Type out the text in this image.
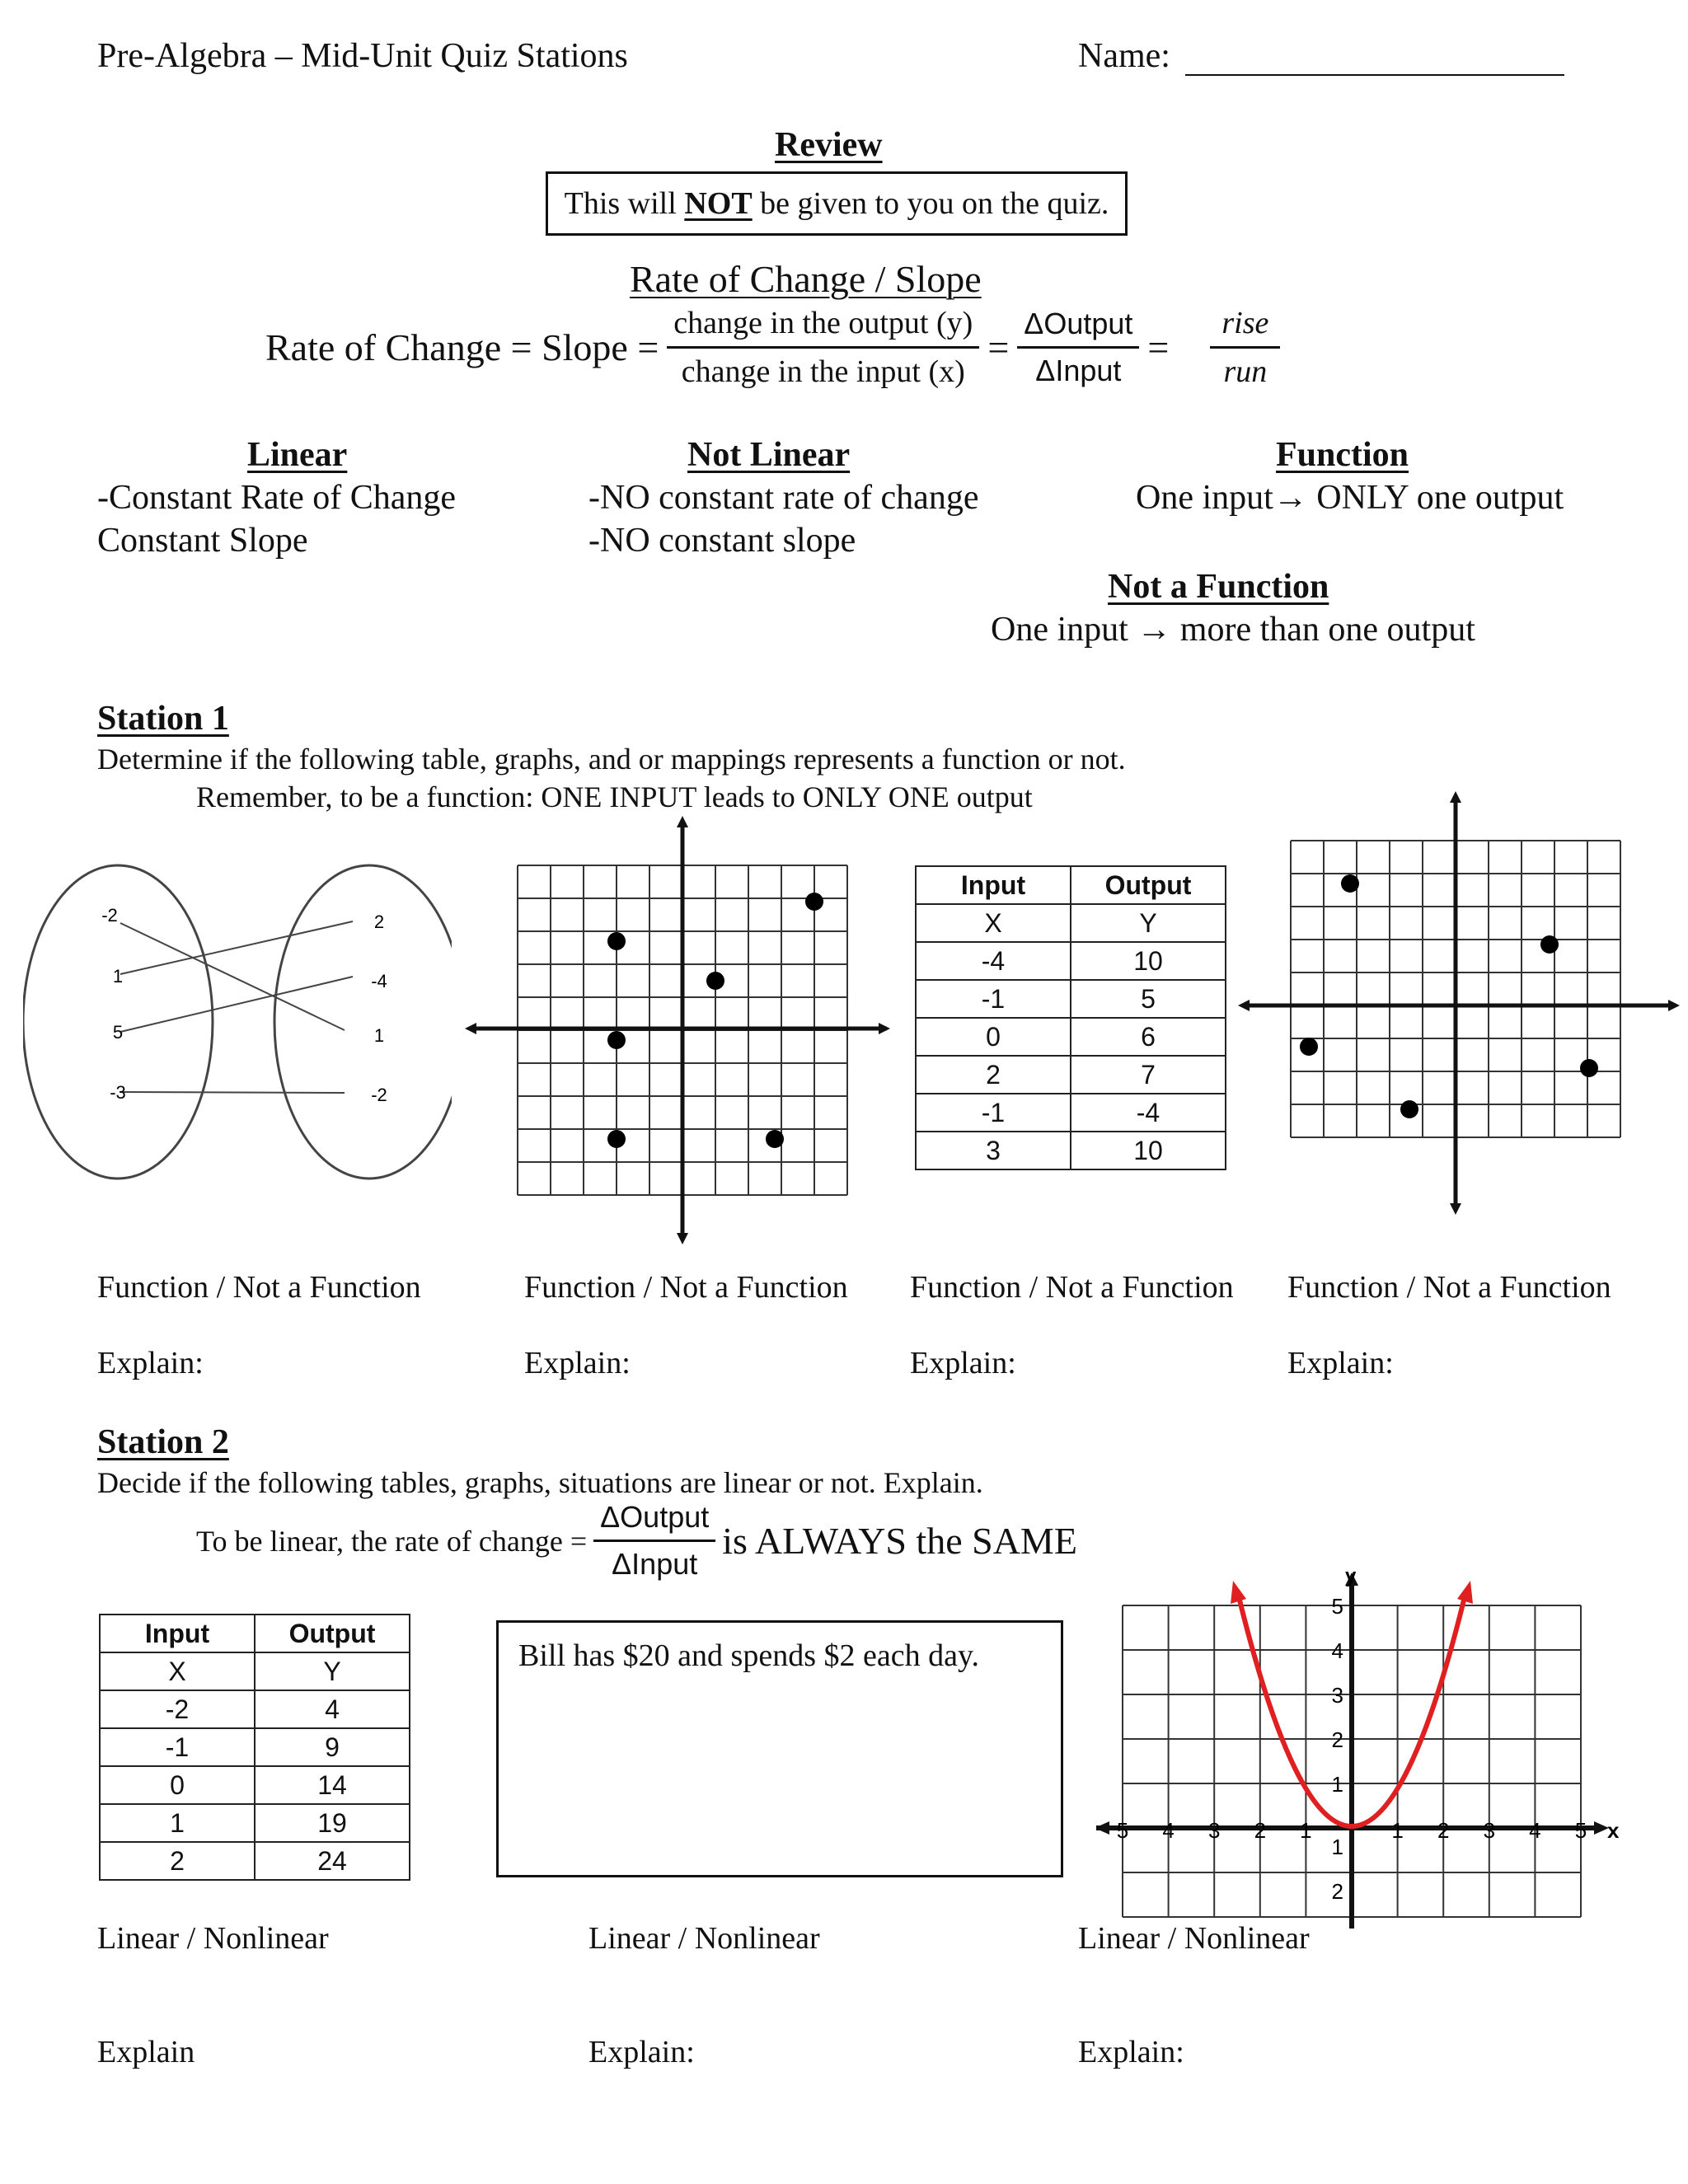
Pre-Algebra – Mid-Unit Quiz Stations	Name:
Review
This will NOT be given to you on the quiz.
Rate of Change / Slope
Rate of Change = Slope = $\frac{\text{change in the output (y)}}{\text{change in the input (x)}} = \frac{\text{ΔOutput}}{\text{ΔInput}} = \frac{\text{rise}}{\text{run}}$
Linear
-Constant Rate of Change
Constant Slope
Not Linear
-NO constant rate of change
-NO constant slope
Function
One input→ ONLY one output
Not a Function
One input → more than one output
Station 1
Determine if the following table, graphs, and or mappings represents a function or not.
Remember, to be a function: ONE INPUT leads to ONLY ONE output
-2
1
5
-3
2
-4
1
-2
Input	Output
X	Y
-4	10
-1	5
0	6
2	7
-1	-4
3	10
Function / Not a Function	Function / Not a Function Function / Not a Function Function / Not a Function
Explain:	Explain:	Explain:	Explain:
Station 2
Decide if the following tables, graphs, situations are linear or not. Explain.
To be linear, the rate of change = $\frac{\text{ΔOutput}}{\text{ΔInput}}$ is ALWAYS the SAME
Input	Output
X	Y
-2	4
-1	9
0	14
1	19
2	24
Bill has $20 and spends $2 each day.
x
y
5 4 3 2 1	1 2 3 4 5
5
4
3
2
1
1
2
Linear / Nonlinear	Linear / Nonlinear	Linear / Nonlinear
Explain	Explain:	Explain:
